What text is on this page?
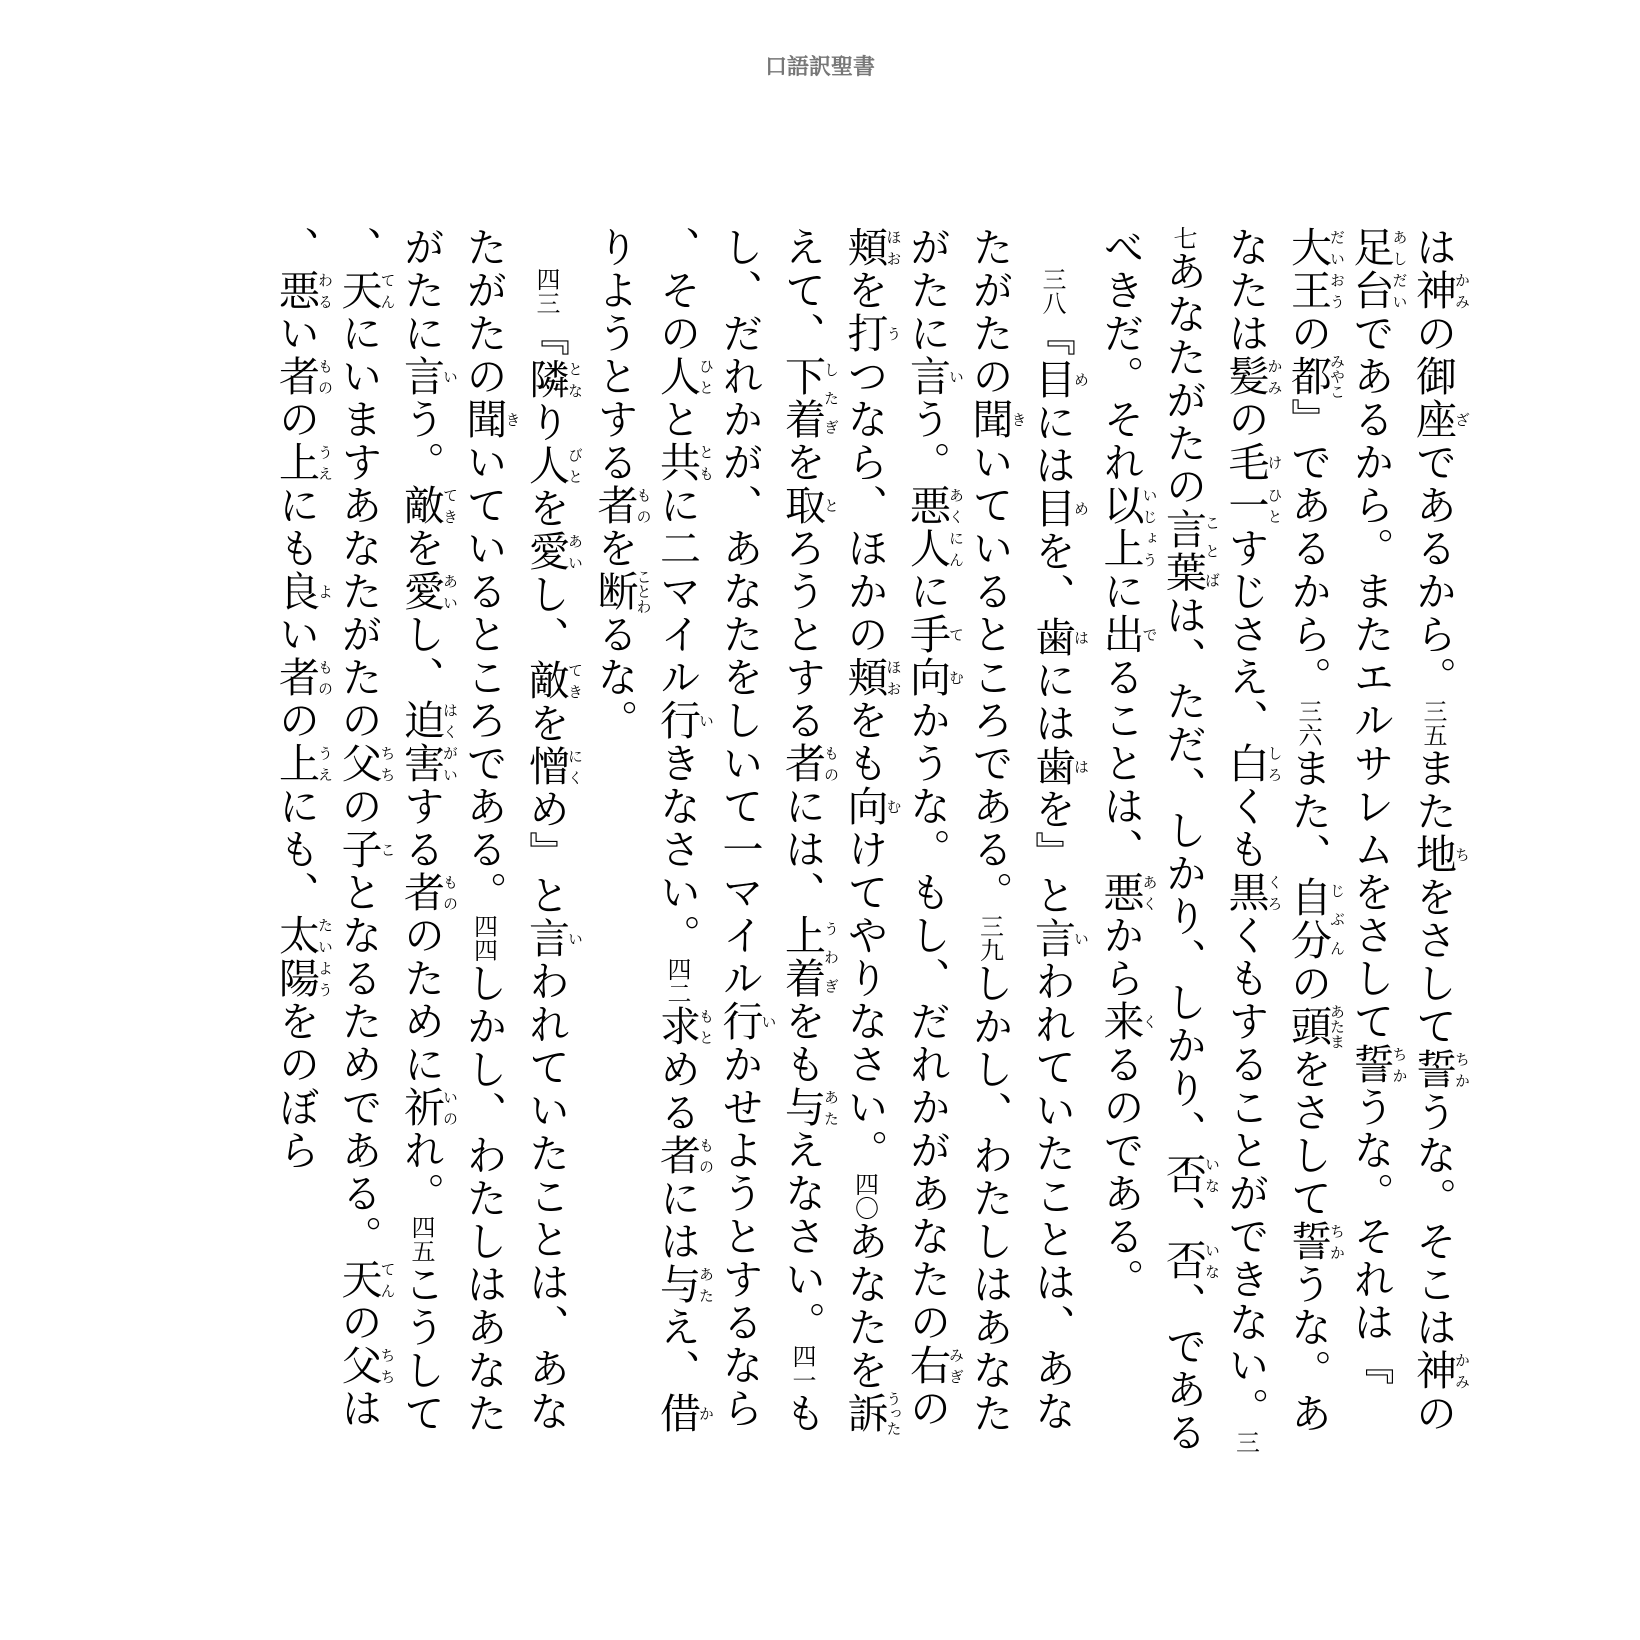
口語訳聖書

は神かみの御座ざであるから。三五また地ちをさして誓ちかうな。そこは神かみの足台あしだいであるから。またエルサレムをさして誓ちかうな。それは『大王だいおうの都みやこ』であるから。三六また、自分じぶんの頭あたまをさして誓ちかうな。あなたは髪かみの毛け一ひとすじさえ、白しろくも黒くろくもすることができない。三七あなたがたの言葉ことばは、ただ、しかり、しかり、否いな、否いな、であるべきだ。それ以上いじょうに出でることは、悪あくから来くるのである。

三八『目めには目めを、歯はには歯はを』と言いわれていたことは、あなたがたの聞きいているところである。三九しかし、わたしはあなたがたに言いう。悪人あくにんに手向てむかうな。もし、だれかがあなたの右みぎの頬ほおを打うつなら、ほかの頬ほおをも向むけてやりなさい。四〇あなたを訴うったえて、下着したぎを取とろうとする者ものには、上着うわぎをも与あたえなさい。四一もし、だれかが、あなたをしいて一マイル行いかせようとするなら、その人ひとと共ともに二マイル行いきなさい。四二求もとめる者ものには与あたえ、借かりようとする者ものを断ことわるな。

四三『隣となり人びとを愛あいし、敵てきを憎にくめ』と言いわれていたことは、あなたがたの聞きいているところである。四四しかし、わたしはあなたがたに言いう。敵てきを愛あいし、迫害はくがいする者もののために祈いのれ。四五こうして、天てんにいますあなたがたの父ちちの子ことなるためである。天てんの父ちちは、悪わるい者ものの上うえにも良よい者ものの上うえにも、太陽たいようをのぼら
